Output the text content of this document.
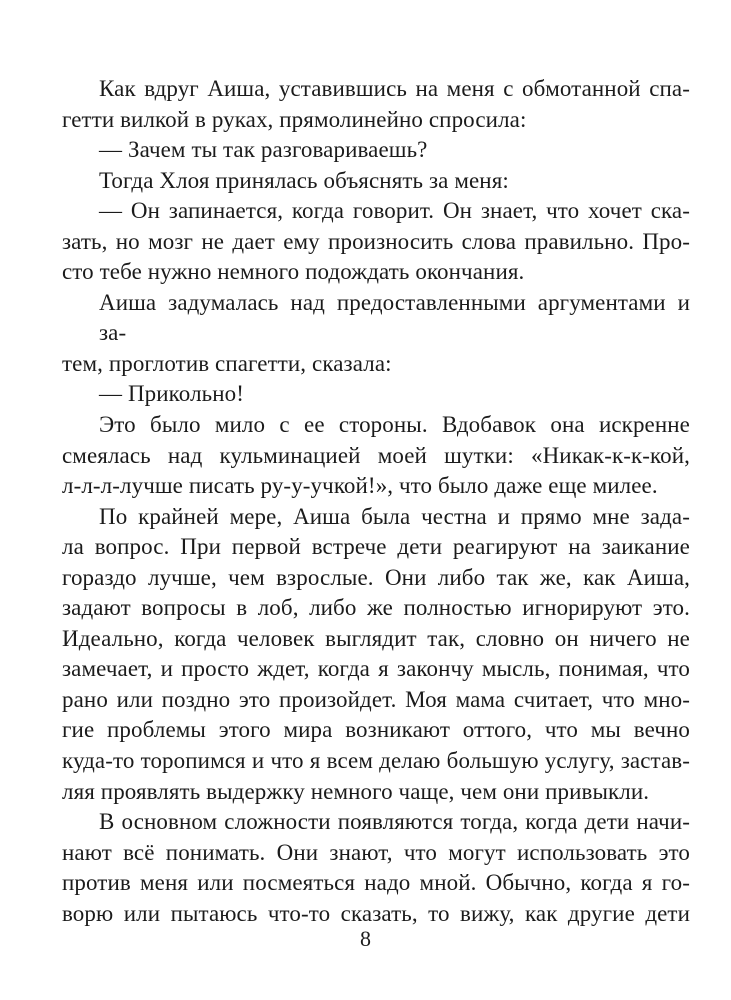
Как вдруг Аиша, уставившись на меня с обмотанной спа-
гетти вилкой в руках, прямолинейно спросила:
— Зачем ты так разговариваешь?
Тогда Хлоя принялась объяснять за меня:
— Он запинается, когда говорит. Он знает, что хочет ска-
зать, но мозг не дает ему произносить слова правильно. Про-
сто тебе нужно немного подождать окончания.
Аиша задумалась над предоставленными аргументами и за-
тем, проглотив спагетти, сказала:
— Прикольно!
Это было мило с ее стороны. Вдобавок она искренне
смеялась над кульминацией моей шутки: «Никак-к-к-кой,
л-л-л-лучше писать ру-у-учкой!», что было даже еще милее.
По крайней мере, Аиша была честна и прямо мне зада-
ла вопрос. При первой встрече дети реагируют на заикание
гораздо лучше, чем взрослые. Они либо так же, как Аиша,
задают вопросы в лоб, либо же полностью игнорируют это.
Идеально, когда человек выглядит так, словно он ничего не
замечает, и просто ждет, когда я закончу мысль, понимая, что
рано или поздно это произойдет. Моя мама считает, что мно-
гие проблемы этого мира возникают оттого, что мы вечно
куда-то торопимся и что я всем делаю большую услугу, застав-
ляя проявлять выдержку немного чаще, чем они привыкли.
В основном сложности появляются тогда, когда дети начи-
нают всё понимать. Они знают, что могут использовать это
против меня или посмеяться надо мной. Обычно, когда я го-
ворю или пытаюсь что-то сказать, то вижу, как другие дети
8
